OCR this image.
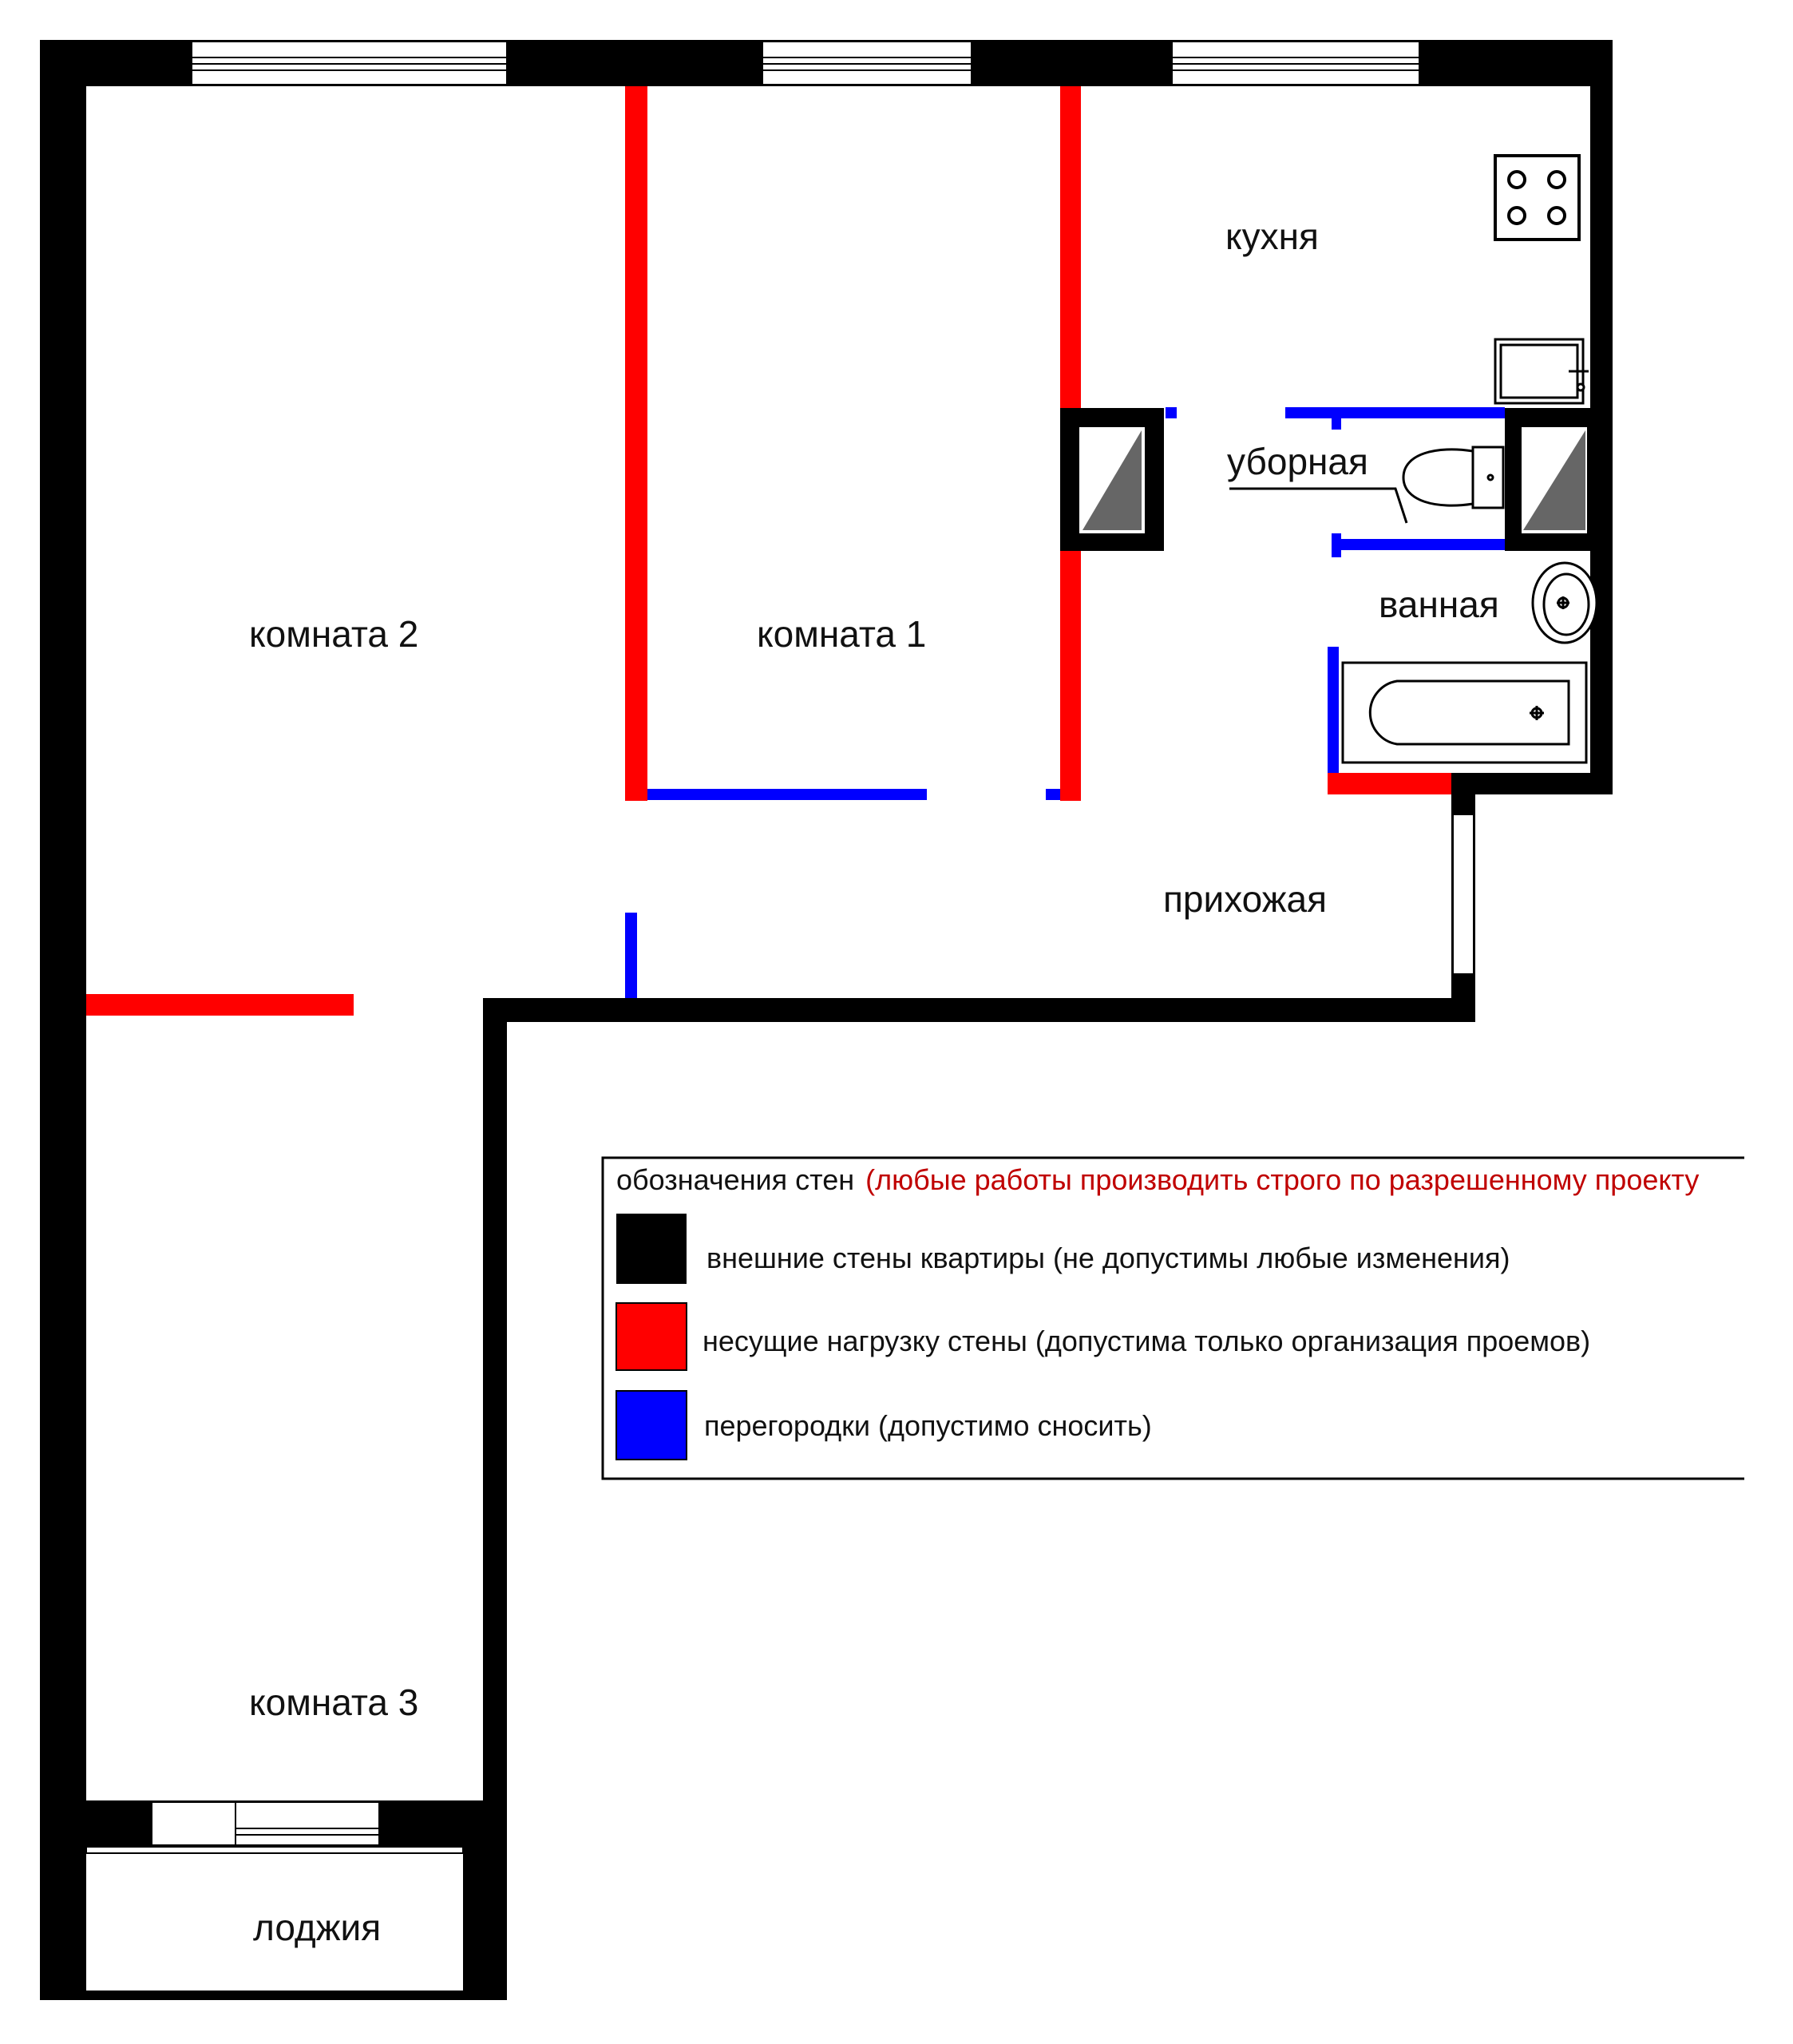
комната 2	комната 1
кухня
уборная
ванная
прихожая
комната 3
лоджия
обозначения стен (любые работы производить строго по разрешенному проекту
внешние стены квартиры (не допустимы любые изменения)
несущие нагрузку стены (допустима только организация проемов)
перегородки (допустимо сносить)
